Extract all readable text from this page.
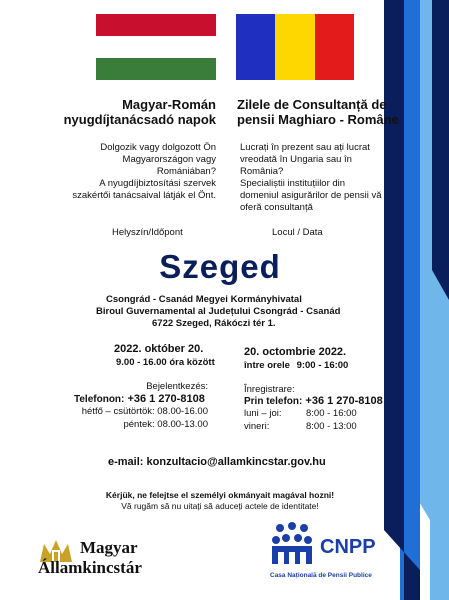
Magyar-Román
nyugdíjtanácsadó napok
Zilele de Consultanță de
pensii Maghiaro - Române
Dolgozik vagy dolgozott Ön
Magyarországon vagy
Romániában?
A nyugdíjbiztosítási szervek
szakértői tanácsaival látják el Önt.
Lucrați în prezent sau ați lucrat
vreodată în Ungaria sau în
România?
Specialiștii instituțiilor din
domeniul asigurărilor de pensii vă
oferă consultanță
Helyszín/Időpont	Locul / Data
Szeged
Csongrád - Csanád Megyei Kormányhivatal
Biroul Guvernamental al Județului Csongrád - Csanád
6722 Szeged, Rákóczi tér 1.
2022. október 20.
9.00 - 16.00 óra között
20. octombrie 2022.
între orele 9:00 - 16:00
Bejelentkezés:
Telefonon: +36 1 270-8108
hétfő – csütörtök: 08.00-16.00
péntek: 08.00-13.00
Înregistrare:
Prin telefon: +36 1 270-8108
luni – joi:	8:00 - 16:00
vineri:	8:00 - 13:00
e-mail: konzultacio@allamkincstar.gov.hu
Kérjük, ne felejtse el személyi okmányait magával hozni!
Vă rugăm să nu uitați să aduceți actele de identitate!
Magyar
Államkincstár
CNPP
Casa Națională de Pensii Publice
